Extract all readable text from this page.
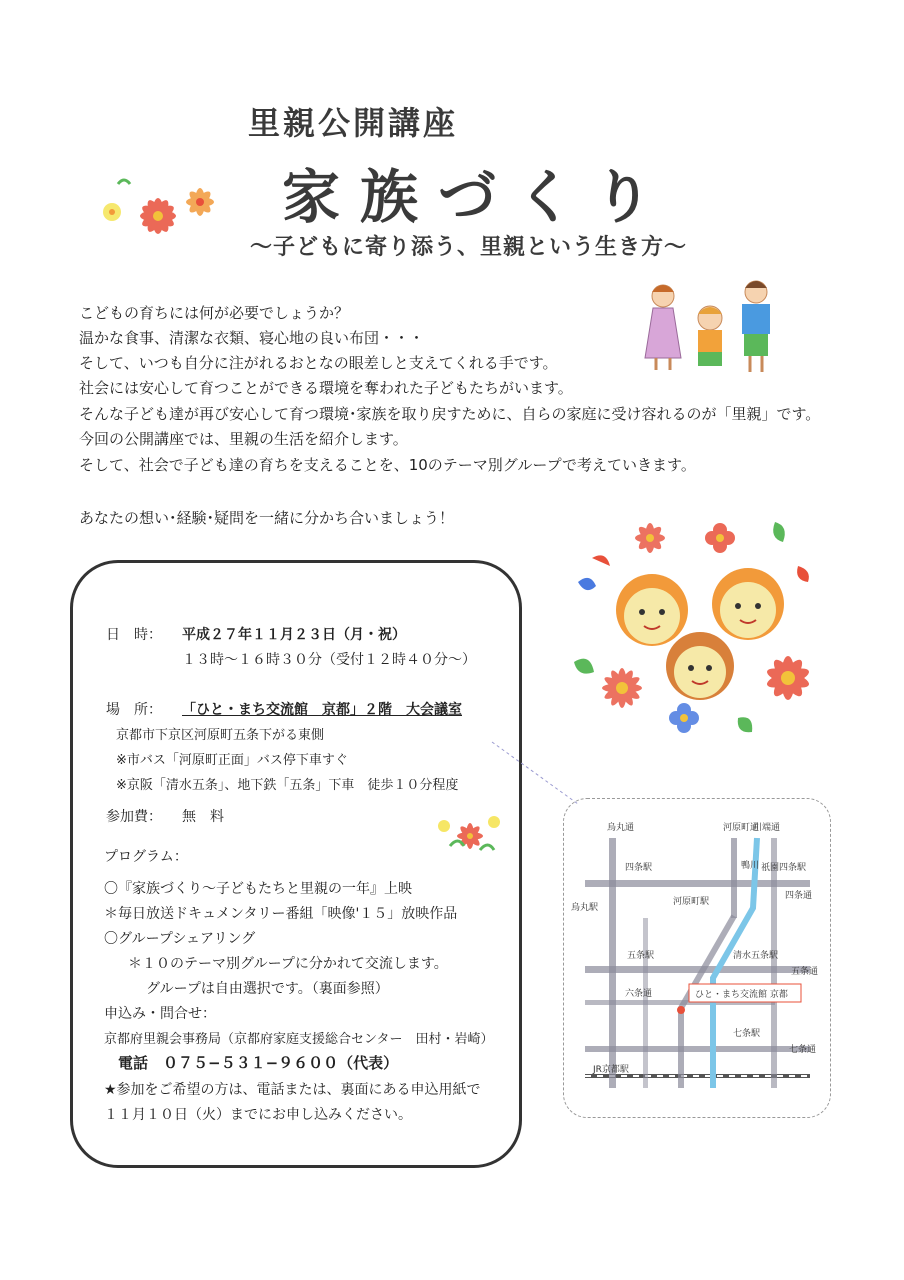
里親公開講座
家族づくり
〜子どもに寄り添う、里親という生き方〜

こどもの育ちには何が必要でしょうか？

温かな食事、清潔な衣類、寝心地の良い布団・・・

そして、いつも自分に注がれるおとなの眼差しと支えてくれる手です。

社会には安心して育つことができる環境を奪われた子どもたちがいます。

そんな子ども達が再び安心して育つ環境･家族を取り戻すために、自らの家庭に受け容れるのが「里親」です。

今回の公開講座では、里親の生活を紹介します。

そして、社会で子ども達の育ちを支えることを、10のテーマ別グループで考えていきます。

あなたの想い･経験･疑問を一緒に分かち合いましょう！

日　時： 平成２７年１１月２３日（月・祝）
１３時〜１６時３０分（受付１２時４０分〜）
場　所： 「ひと・まち交流館　京都」２階　大会議室
京都市下京区河原町五条下がる東側
※市バス「河原町正面」バス停下車すぐ
※京阪「清水五条」、地下鉄「五条」下車　徒歩１０分程度
参加費： 無　料
プログラム：
〇『家族づくり〜子どもたちと里親の一年』上映
＊毎日放送ドキュメンタリー番組「映像'１５」放映作品
〇グループシェアリング
＊１０のテーマ別グループに分かれて交流します。
グループは自由選択です。（裏面参照）
申込み・問合せ：
京都府里親会事務局（京都府家庭支援総合センター　田村・岩崎）
電話　０７５−５３１−９６００（代表）
★参加をご希望の方は、電話または、裏面にある申込用紙で
１１月１０日（火）までにお申し込みください。
烏丸通	河原町通
川端通
鴨川
四条駅	祇園四条駅
四条通
烏丸駅
河原町駅
五条駅	清水五条駅
五条通
六条通	ひと・まち交流館 京都
七条駅
七条通
JR京都駅
